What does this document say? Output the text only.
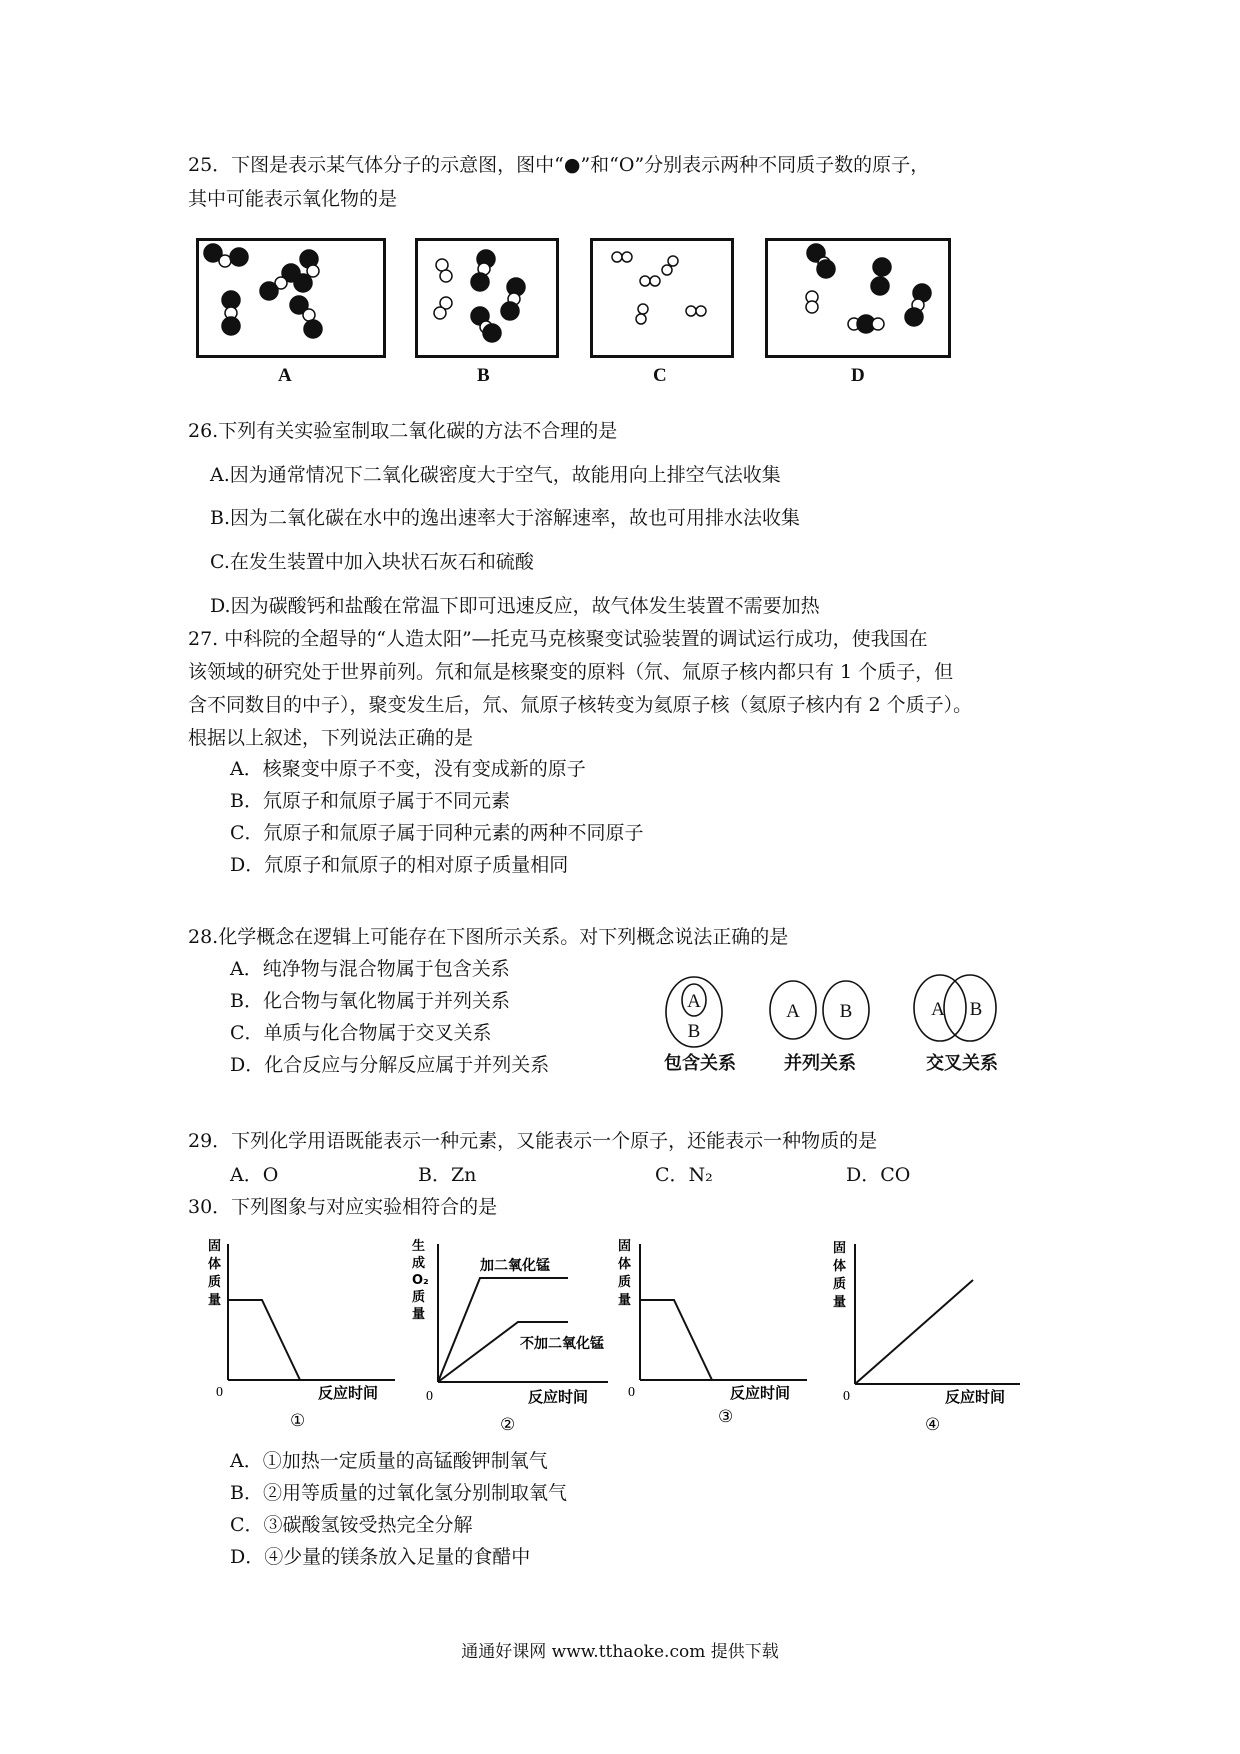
25．下图是表示某气体分子的示意图，图中“●”和“O”分别表示两种不同质子数的原子，
其中可能表示氧化物的是
A	B	C	D
26.下列有关实验室制取二氧化碳的方法不合理的是
A.因为通常情况下二氧化碳密度大于空气，故能用向上排空气法收集
B.因为二氧化碳在水中的逸出速率大于溶解速率，故也可用排水法收集
C.在发生装置中加入块状石灰石和硫酸
D.因为碳酸钙和盐酸在常温下即可迅速反应，故气体发生装置不需要加热
27. 中科院的全超导的“人造太阳”—托克马克核聚变试验装置的调试运行成功，使我国在
该领域的研究处于世界前列。氘和氚是核聚变的原料（氘、氚原子核内都只有 1 个质子，但
含不同数目的中子），聚变发生后，氘、氚原子核转变为氦原子核（氦原子核内有 2 个质子）。
根据以上叙述，下列说法正确的是
A．核聚变中原子不变，没有变成新的原子
B．氘原子和氚原子属于不同元素
C．氘原子和氚原子属于同种元素的两种不同原子
D．氘原子和氚原子的相对原子质量相同
28.化学概念在逻辑上可能存在下图所示关系。对下列概念说法正确的是
A．纯净物与混合物属于包含关系
B．化合物与氧化物属于并列关系
C．单质与化合物属于交叉关系
D．化合反应与分解反应属于并列关系
A
B
A B	A B
包含关系	并列关系	交叉关系
29．下列化学用语既能表示一种元素，又能表示一个原子，还能表示一种物质的是
A．O	B．Zn	C．N₂	D．CO
30．下列图象与对应实验相符合的是
固
体
质
量
0	反应时间
①
生
成
O₂
质
量
加二氧化锰
不加二氧化锰
0	反应时间
②
固
体
质
量
0	反应时间
③
固
体
质
量
0	反应时间
④
A．①加热一定质量的高锰酸钾制氧气
B．②用等质量的过氧化氢分别制取氧气
C．③碳酸氢铵受热完全分解
D．④少量的镁条放入足量的食醋中
通通好课网 www.tthaoke.com 提供下载
